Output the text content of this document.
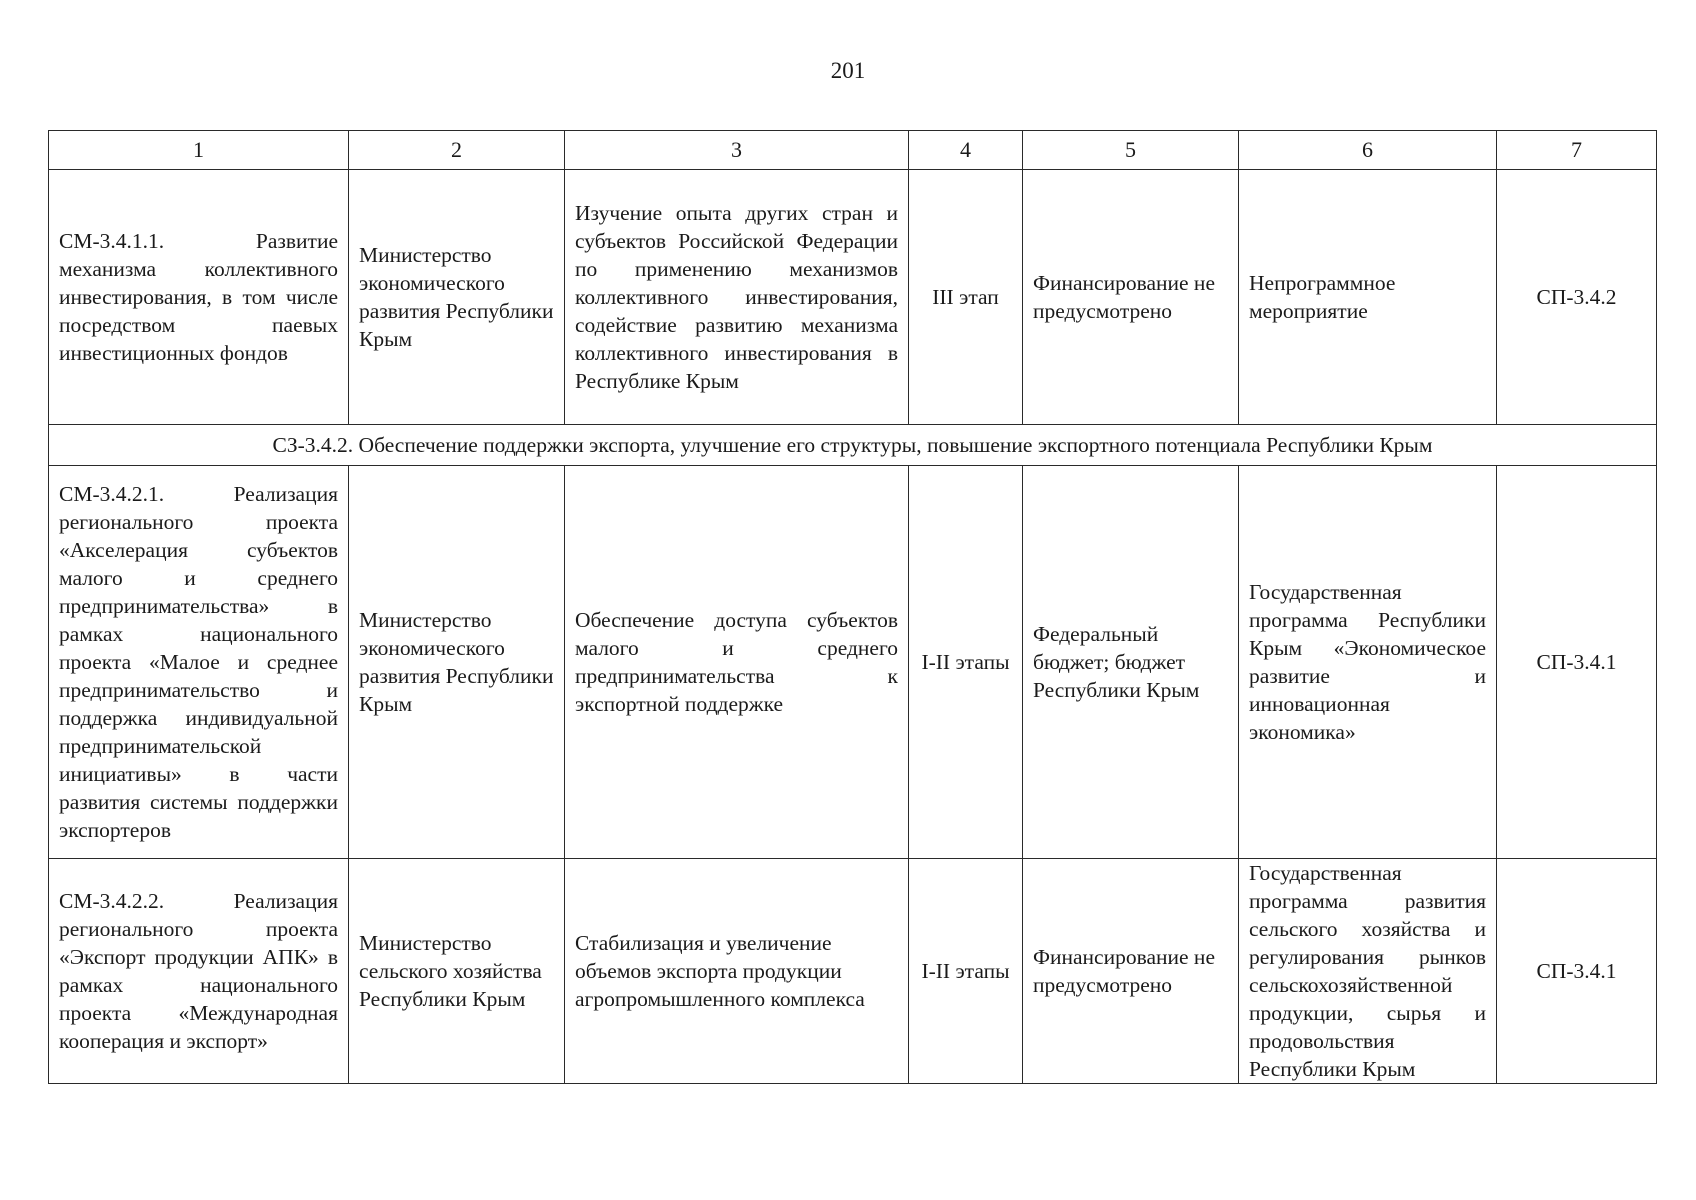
201
1	2	3	4	5	6	7
СМ-3.4.1.1. Развитие механизма коллективного инвестирования, в том числе посредством паевых инвестиционных фондов	Министерство экономического развития Республики Крым	Изучение опыта других стран и субъектов Российской Федерации по применению механизмов коллективного инвестирования, содействие развитию механизма коллективного инвестирования в Республике Крым	III этап	Финансирование не предусмотрено	Непрограммное мероприятие	СП-3.4.2
СЗ-3.4.2. Обеспечение поддержки экспорта, улучшение его структуры, повышение экспортного потенциала Республики Крым						
СМ-3.4.2.1. Реализация регионального проекта «Акселерация субъектов малого и среднего предпринимательства» в рамках национального проекта «Малое и среднее предпринимательство и поддержка индивидуальной предпринимательской инициативы» в части развития системы поддержки экспортеров	Министерство экономического развития Республики Крым	Обеспечение доступа субъектов малого и среднего предпринимательства к экспортной поддержке	I-II этапы	Федеральный бюджет; бюджет Республики Крым	Государственная программа Республики Крым «Экономическое развитие и инновационная экономика»	СП-3.4.1
СМ-3.4.2.2. Реализация регионального проекта «Экспорт продукции АПК» в рамках национального проекта «Международная кооперация и экспорт»	Министерство сельского хозяйства Республики Крым	Стабилизация и увеличение объемов экспорта продукции агропромышленного комплекса	I-II этапы	Финансирование не предусмотрено	Государственная программа развития сельского хозяйства и регулирования рынков сельскохозяйственной продукции, сырья и продовольствия Республики Крым	СП-3.4.1
